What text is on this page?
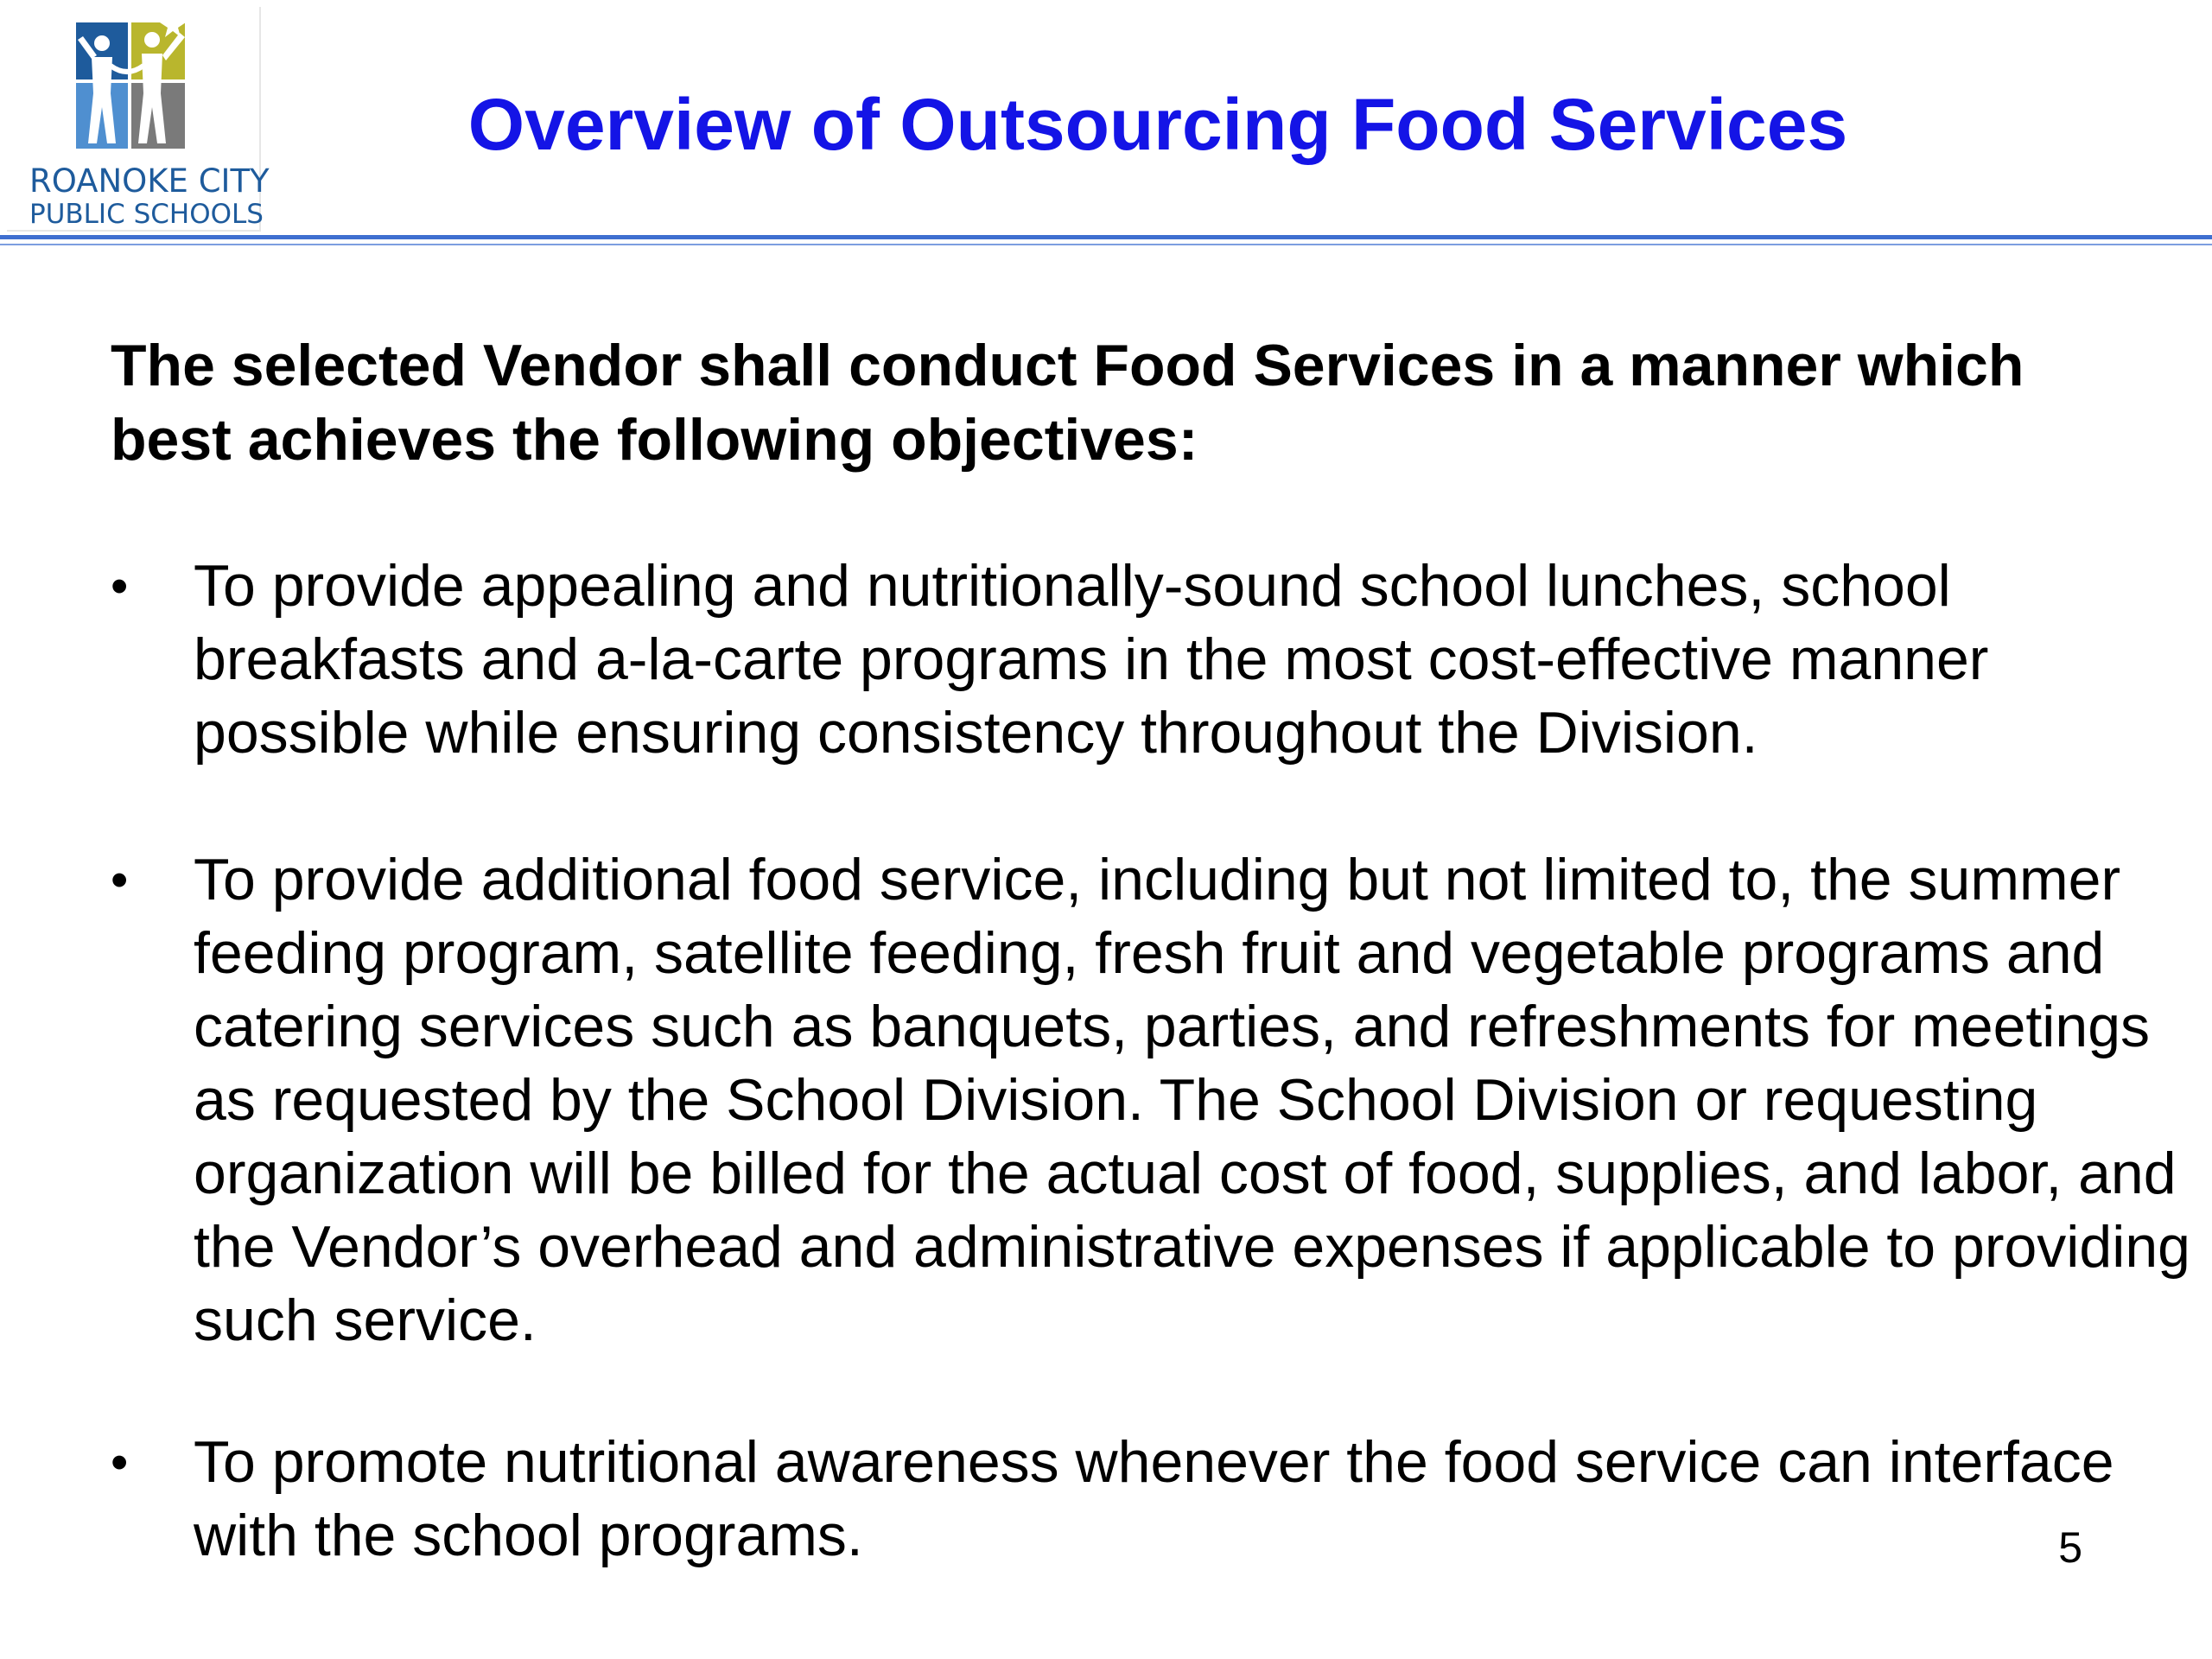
ROANOKE CITY
PUBLIC SCHOOLS
Overview of Outsourcing Food Services
The selected Vendor shall conduct Food Services in a manner which best achieves the following objectives:
•	To provide appealing and nutritionally-sound school lunches, school breakfasts and a-la-carte programs in the most cost-effective manner possible while ensuring consistency throughout the Division.
•	To provide additional food service, including but not limited to, the summer feeding program, satellite feeding, fresh fruit and vegetable programs and catering services such as banquets, parties, and refreshments for meetings as requested by the School Division. The School Division or requesting organization will be billed for the actual cost of food, supplies, and labor, and the Vendor’s overhead and administrative expenses if applicable to providing such service.
•	To promote nutritional awareness whenever the food service can interface with the school programs.	5
